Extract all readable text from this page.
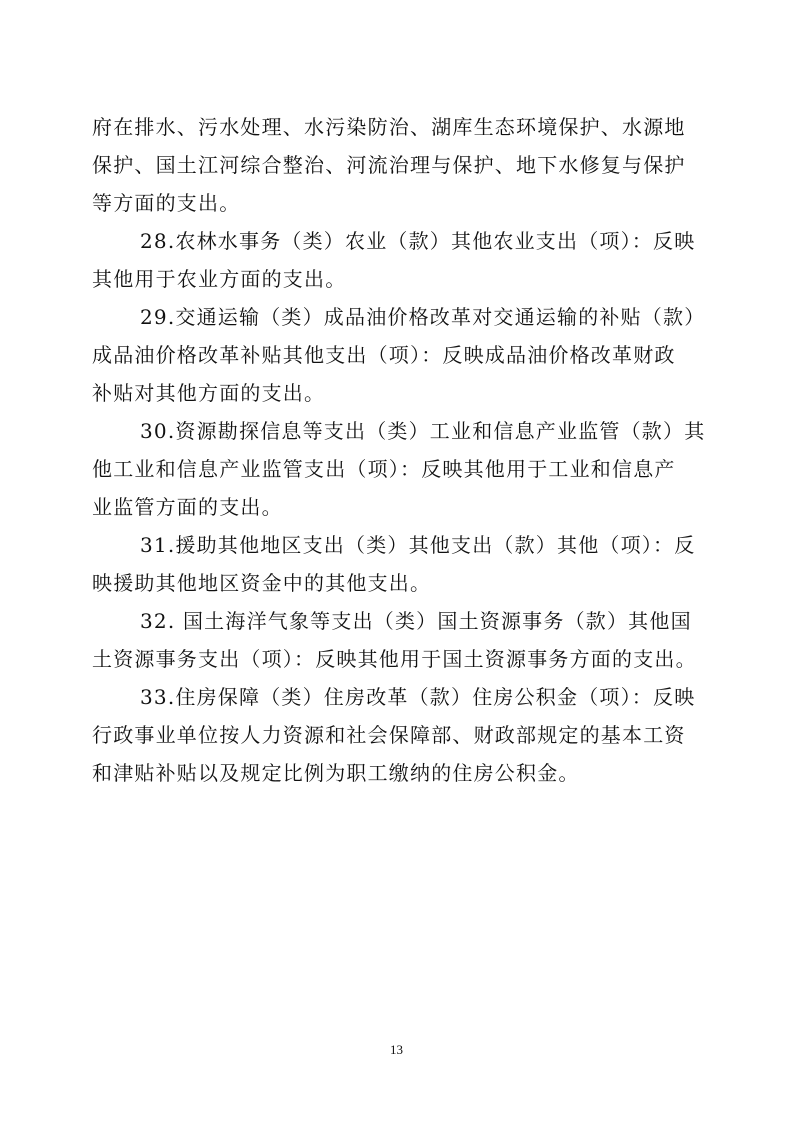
府在排水、污水处理、水污染防治、湖库生态环境保护、水源地
保护、国土江河综合整治、河流治理与保护、地下水修复与保护
等方面的支出。
28.农林水事务（类）农业（款）其他农业支出（项）：反映
其他用于农业方面的支出。
29.交通运输（类）成品油价格改革对交通运输的补贴（款）
成品油价格改革补贴其他支出（项）：反映成品油价格改革财政
补贴对其他方面的支出。
30.资源勘探信息等支出（类）工业和信息产业监管（款）其
他工业和信息产业监管支出（项）：反映其他用于工业和信息产
业监管方面的支出。
31.援助其他地区支出（类）其他支出（款）其他（项）：反
映援助其他地区资金中的其他支出。
32. 国土海洋气象等支出（类）国土资源事务（款）其他国
土资源事务支出（项）：反映其他用于国土资源事务方面的支出。
33.住房保障（类）住房改革（款）住房公积金（项）：反映
行政事业单位按人力资源和社会保障部、财政部规定的基本工资
和津贴补贴以及规定比例为职工缴纳的住房公积金。
13
